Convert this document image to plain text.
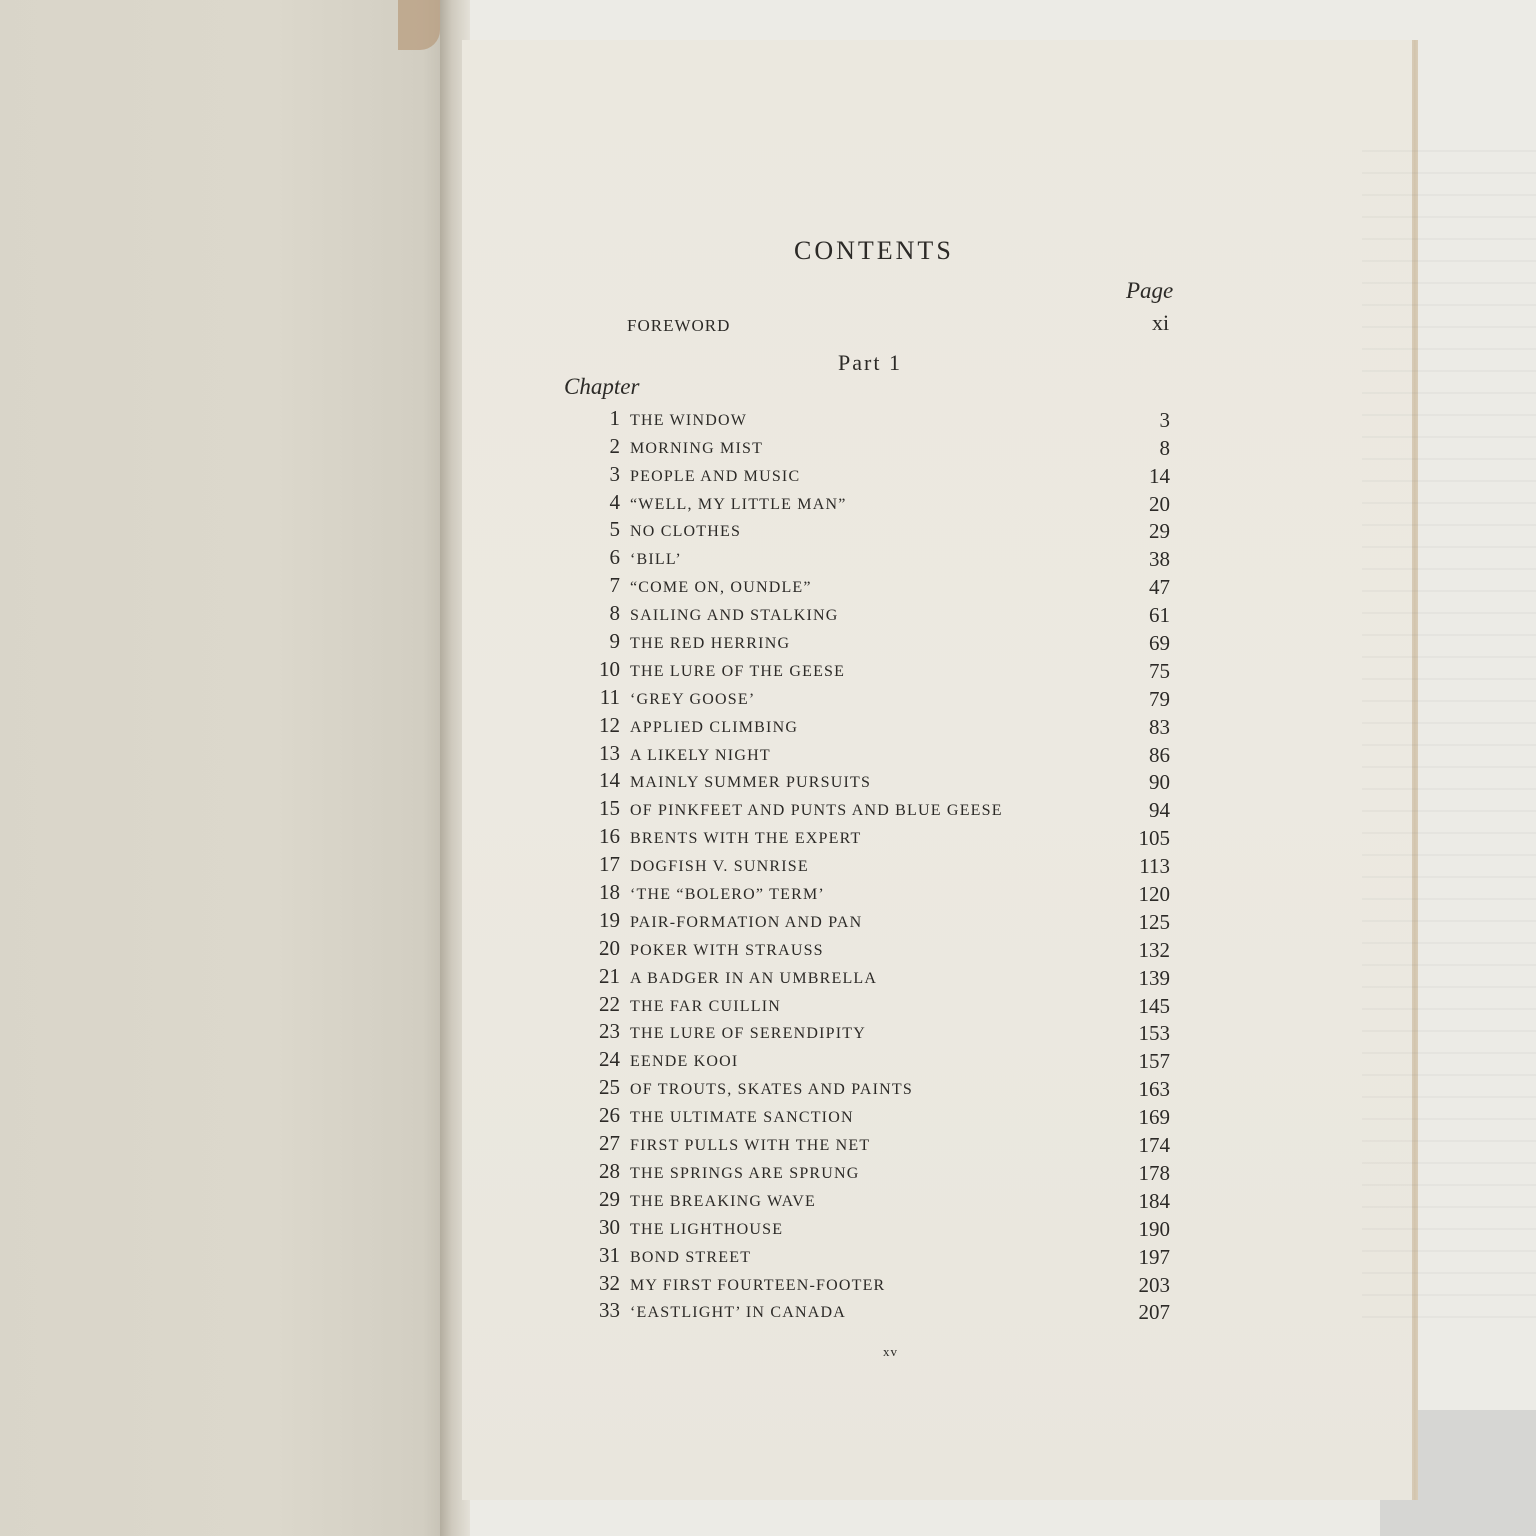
CONTENTS
Page
FOREWORD	xi
Part 1
Chapter
1 THE WINDOW	3
2 MORNING MIST	8
3 PEOPLE AND MUSIC	14
4 “WELL, MY LITTLE MAN”	20
5 NO CLOTHES	29
6 ‘BILL’	38
7 “COME ON, OUNDLE”	47
8 SAILING AND STALKING	61
9 THE RED HERRING	69
10 THE LURE OF THE GEESE	75
11 ‘GREY GOOSE’	79
12 APPLIED CLIMBING	83
13 A LIKELY NIGHT	86
14 MAINLY SUMMER PURSUITS	90
15 OF PINKFEET AND PUNTS AND BLUE GEESE	94
16 BRENTS WITH THE EXPERT	105
17 DOGFISH V. SUNRISE	113
18 ‘THE “BOLERO” TERM’	120
19 PAIR-FORMATION AND PAN	125
20 POKER WITH STRAUSS	132
21 A BADGER IN AN UMBRELLA	139
22 THE FAR CUILLIN	145
23 THE LURE OF SERENDIPITY	153
24 EENDE KOOI	157
25 OF TROUTS, SKATES AND PAINTS	163
26 THE ULTIMATE SANCTION	169
27 FIRST PULLS WITH THE NET	174
28 THE SPRINGS ARE SPRUNG	178
29 THE BREAKING WAVE	184
30 THE LIGHTHOUSE	190
31 BOND STREET	197
32 MY FIRST FOURTEEN-FOOTER	203
33 ‘EASTLIGHT’ IN CANADA	207
xv
